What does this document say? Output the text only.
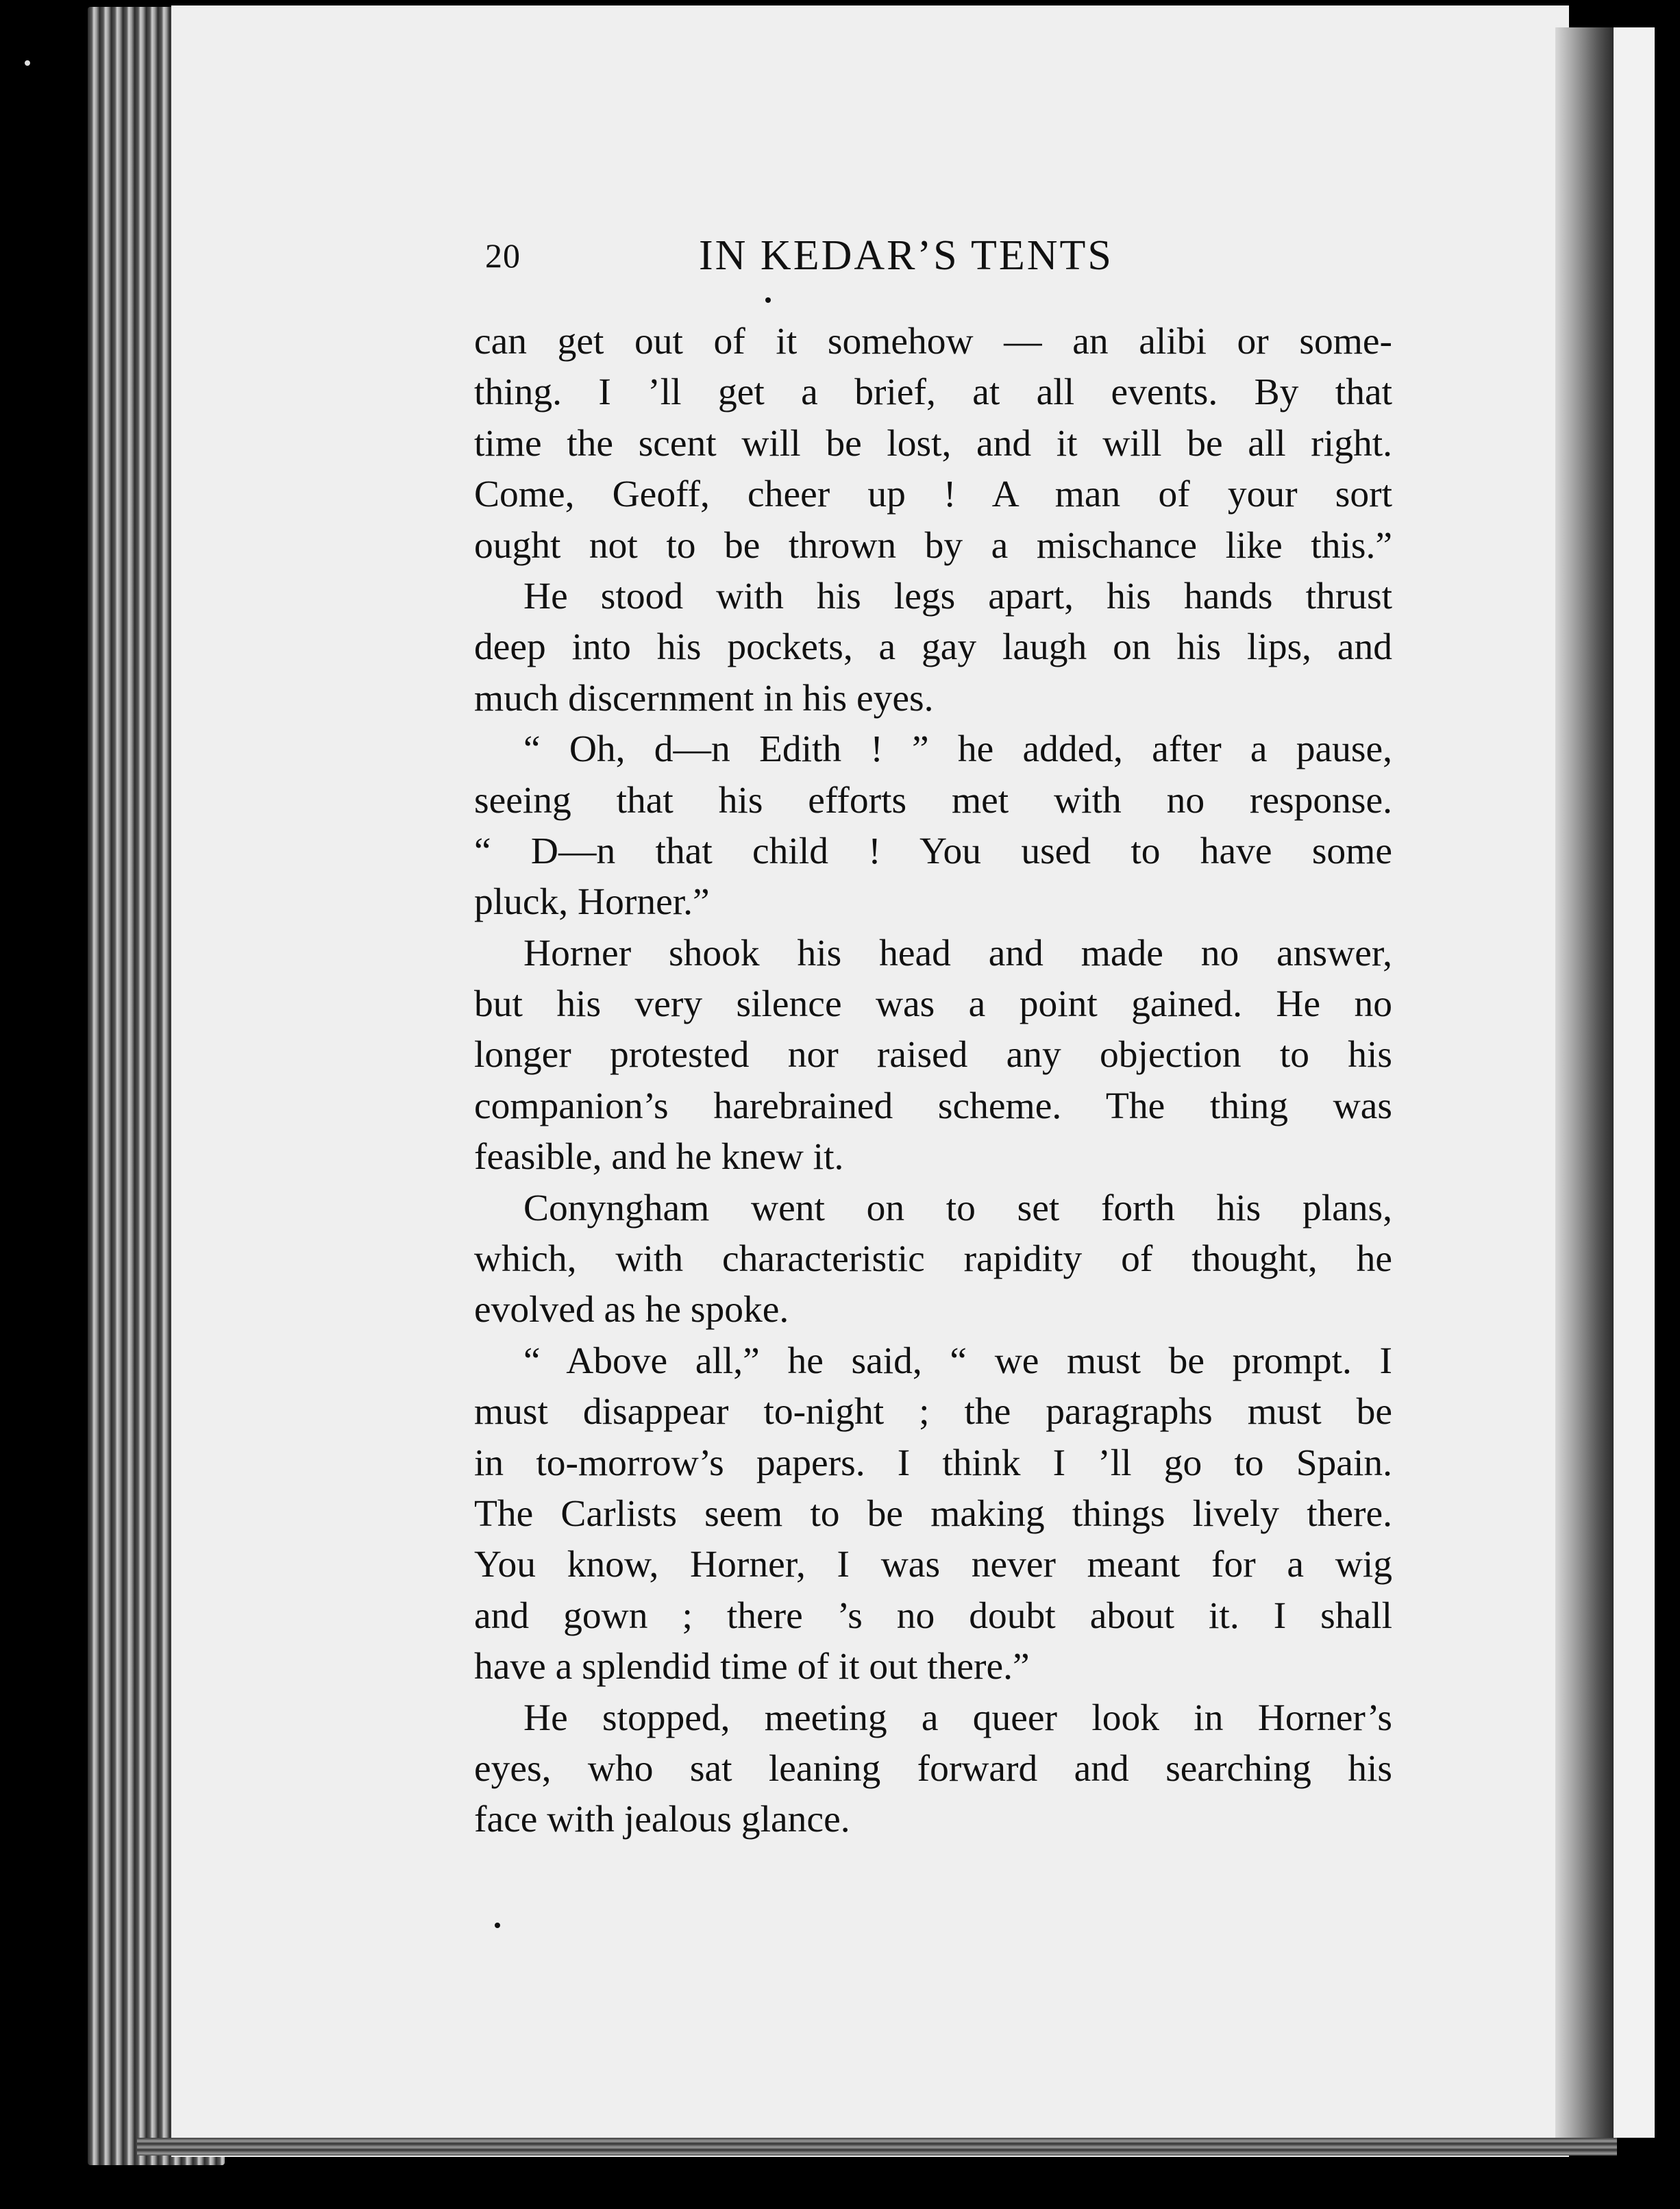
20	IN KEDAR’S TENTS
can get out of it somehow — an alibi or some-
thing. I ’ll get a brief, at all events. By that
time the scent will be lost, and it will be all right.
Come, Geoff, cheer up ! A man of your sort
ought not to be thrown by a mischance like this.”
He stood with his legs apart, his hands thrust
deep into his pockets, a gay laugh on his lips, and
much discernment in his eyes.
“ Oh, d—n Edith ! ” he added, after a pause,
seeing that his efforts met with no response.
“ D—n that child ! You used to have some
pluck, Horner.”
Horner shook his head and made no answer,
but his very silence was a point gained. He no
longer protested nor raised any objection to his
companion’s harebrained scheme. The thing was
feasible, and he knew it.
Conyngham went on to set forth his plans,
which, with characteristic rapidity of thought, he
evolved as he spoke.
“ Above all,” he said, “ we must be prompt. I
must disappear to-night ; the paragraphs must be
in to-morrow’s papers. I think I ’ll go to Spain.
The Carlists seem to be making things lively there.
You know, Horner, I was never meant for a wig
and gown ; there ’s no doubt about it. I shall
have a splendid time of it out there.”
He stopped, meeting a queer look in Horner’s
eyes, who sat leaning forward and searching his
face with jealous glance.
